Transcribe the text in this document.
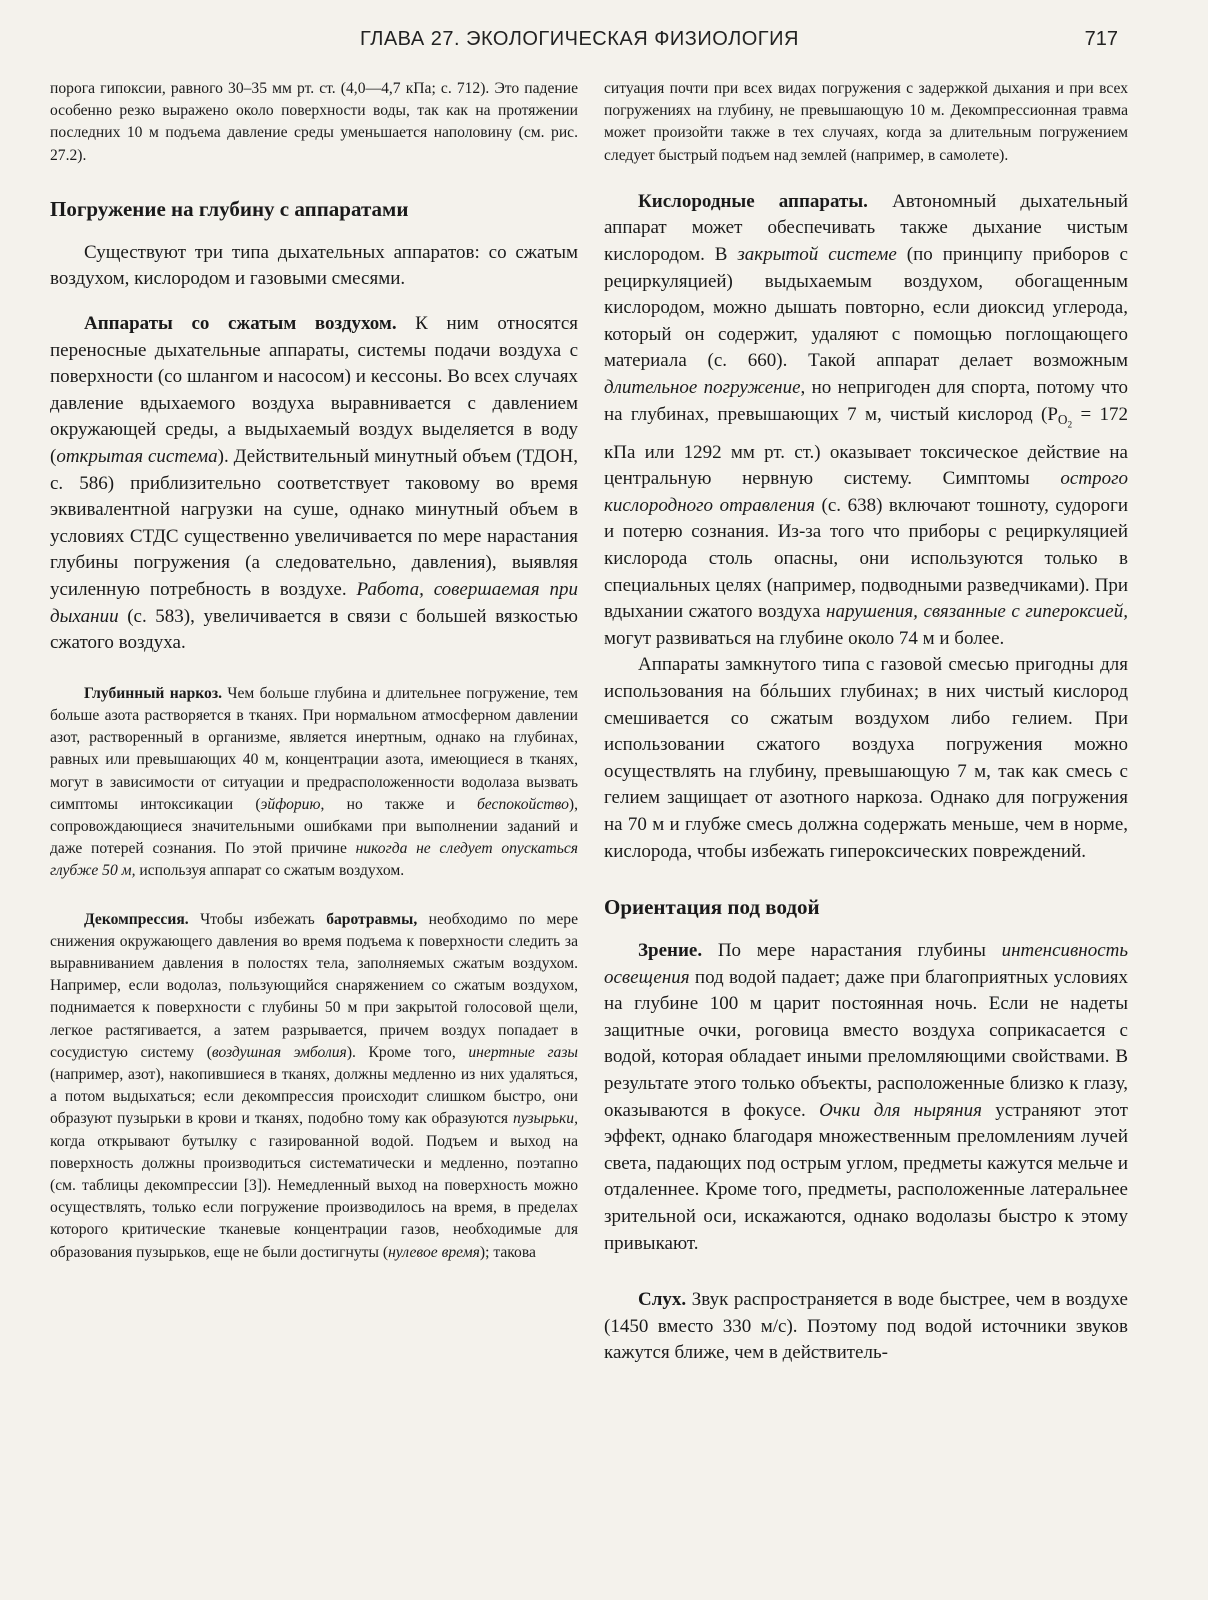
ГЛАВА 27. ЭКОЛОГИЧЕСКАЯ ФИЗИОЛОГИЯ	717

порога гипоксии, равного 30–35 мм рт. ст. (4,0—4,7 кПа; с. 712). Это падение особенно резко выражено около поверхности воды, так как на протяжении последних 10 м подъема давление среды уменьшается наполовину (см. рис. 27.2).

Погружение на глубину с аппаратами

Существуют три типа дыхательных аппаратов: со сжатым воздухом, кислородом и газовыми смесями.

Аппараты со сжатым воздухом. К ним относятся переносные дыхательные аппараты, системы подачи воздуха с поверхности (со шлангом и насосом) и кессоны. Во всех случаях давление вдыхаемого воздуха выравнивается с давлением окружающей среды, а выдыхаемый воздух выделяется в воду (открытая система). Действительный минутный объем (ТДОН, с. 586) приблизительно соответствует таковому во время эквивалентной нагрузки на суше, однако минутный объем в условиях СТДС существенно увеличивается по мере нарастания глубины погружения (а следовательно, давления), выявляя усиленную потребность в воздухе. Работа, совершаемая при дыхании (с. 583), увеличивается в связи с большей вязкостью сжатого воздуха.

Глубинный наркоз. Чем больше глубина и длительнее погружение, тем больше азота растворяется в тканях. При нормальном атмосферном давлении азот, растворенный в организме, является инертным, однако на глубинах, равных или превышающих 40 м, концентрации азота, имеющиеся в тканях, могут в зависимости от ситуации и предрасположенности водолаза вызвать симптомы интоксикации (эйфорию, но также и беспокойство), сопровождающиеся значительными ошибками при выполнении заданий и даже потерей сознания. По этой причине никогда не следует опускаться глубже 50 м, используя аппарат со сжатым воздухом.

Декомпрессия. Чтобы избежать баротравмы, необходимо по мере снижения окружающего давления во время подъема к поверхности следить за выравниванием давления в полостях тела, заполняемых сжатым воздухом. Например, если водолаз, пользующийся снаряжением со сжатым воздухом, поднимается к поверхности с глубины 50 м при закрытой голосовой щели, легкое растягивается, а затем разрывается, причем воздух попадает в сосудистую систему (воздушная эмболия). Кроме того, инертные газы (например, азот), накопившиеся в тканях, должны медленно из них удаляться, а потом выдыхаться; если декомпрессия происходит слишком быстро, они образуют пузырьки в крови и тканях, подобно тому как образуются пузырьки, когда открывают бутылку с газированной водой. Подъем и выход на поверхность должны производиться систематически и медленно, поэтапно (см. таблицы декомпрессии [3]). Немедленный выход на поверхность можно осуществлять, только если погружение производилось на время, в пределах которого критические тканевые концентрации газов, необходимые для образования пузырьков, еще не были достигнуты (нулевое время); такова

ситуация почти при всех видах погружения с задержкой дыхания и при всех погружениях на глубину, не превышающую 10 м. Декомпрессионная травма может произойти также в тех случаях, когда за длительным погружением следует быстрый подъем над землей (например, в самолете).

Кислородные аппараты. Автономный дыхательный аппарат может обеспечивать также дыхание чистым кислородом. В закрытой системе (по принципу приборов с рециркуляцией) выдыхаемым воздухом, обогащенным кислородом, можно дышать повторно, если диоксид углерода, который он содержит, удаляют с помощью поглощающего материала (с. 660). Такой аппарат делает возможным длительное погружение, но непригоден для спорта, потому что на глубинах, превышающих 7 м, чистый кислород ($P_{O_2} = 172$ кПа или 1292 мм рт. ст.) оказывает токсическое действие на центральную нервную систему. Симптомы острого кислородного отравления (с. 638) включают тошноту, судороги и потерю сознания. Из-за того что приборы с рециркуляцией кислорода столь опасны, они используются только в специальных целях (например, подводными разведчиками). При вдыхании сжатого воздуха нарушения, связанные с гипероксией, могут развиваться на глубине около 74 м и более.

Аппараты замкнутого типа с газовой смесью пригодны для использования на бóльших глубинах; в них чистый кислород смешивается со сжатым воздухом либо гелием. При использовании сжатого воздуха погружения можно осуществлять на глубину, превышающую 7 м, так как смесь с гелием защищает от азотного наркоза. Однако для погружения на 70 м и глубже смесь должна содержать меньше, чем в норме, кислорода, чтобы избежать гипероксических повреждений.

Ориентация под водой

Зрение. По мере нарастания глубины интенсивность освещения под водой падает; даже при благоприятных условиях на глубине 100 м царит постоянная ночь. Если не надеты защитные очки, роговица вместо воздуха соприкасается с водой, которая обладает иными преломляющими свойствами. В результате этого только объекты, расположенные близко к глазу, оказываются в фокусе. Очки для ныряния устраняют этот эффект, однако благодаря множественным преломлениям лучей света, падающих под острым углом, предметы кажутся мельче и отдаленнее. Кроме того, предметы, расположенные латеральнее зрительной оси, искажаются, однако водолазы быстро к этому привыкают.

Слух. Звук распространяется в воде быстрее, чем в воздухе (1450 вместо 330 м/с). Поэтому под водой источники звуков кажутся ближе, чем в действитель-
